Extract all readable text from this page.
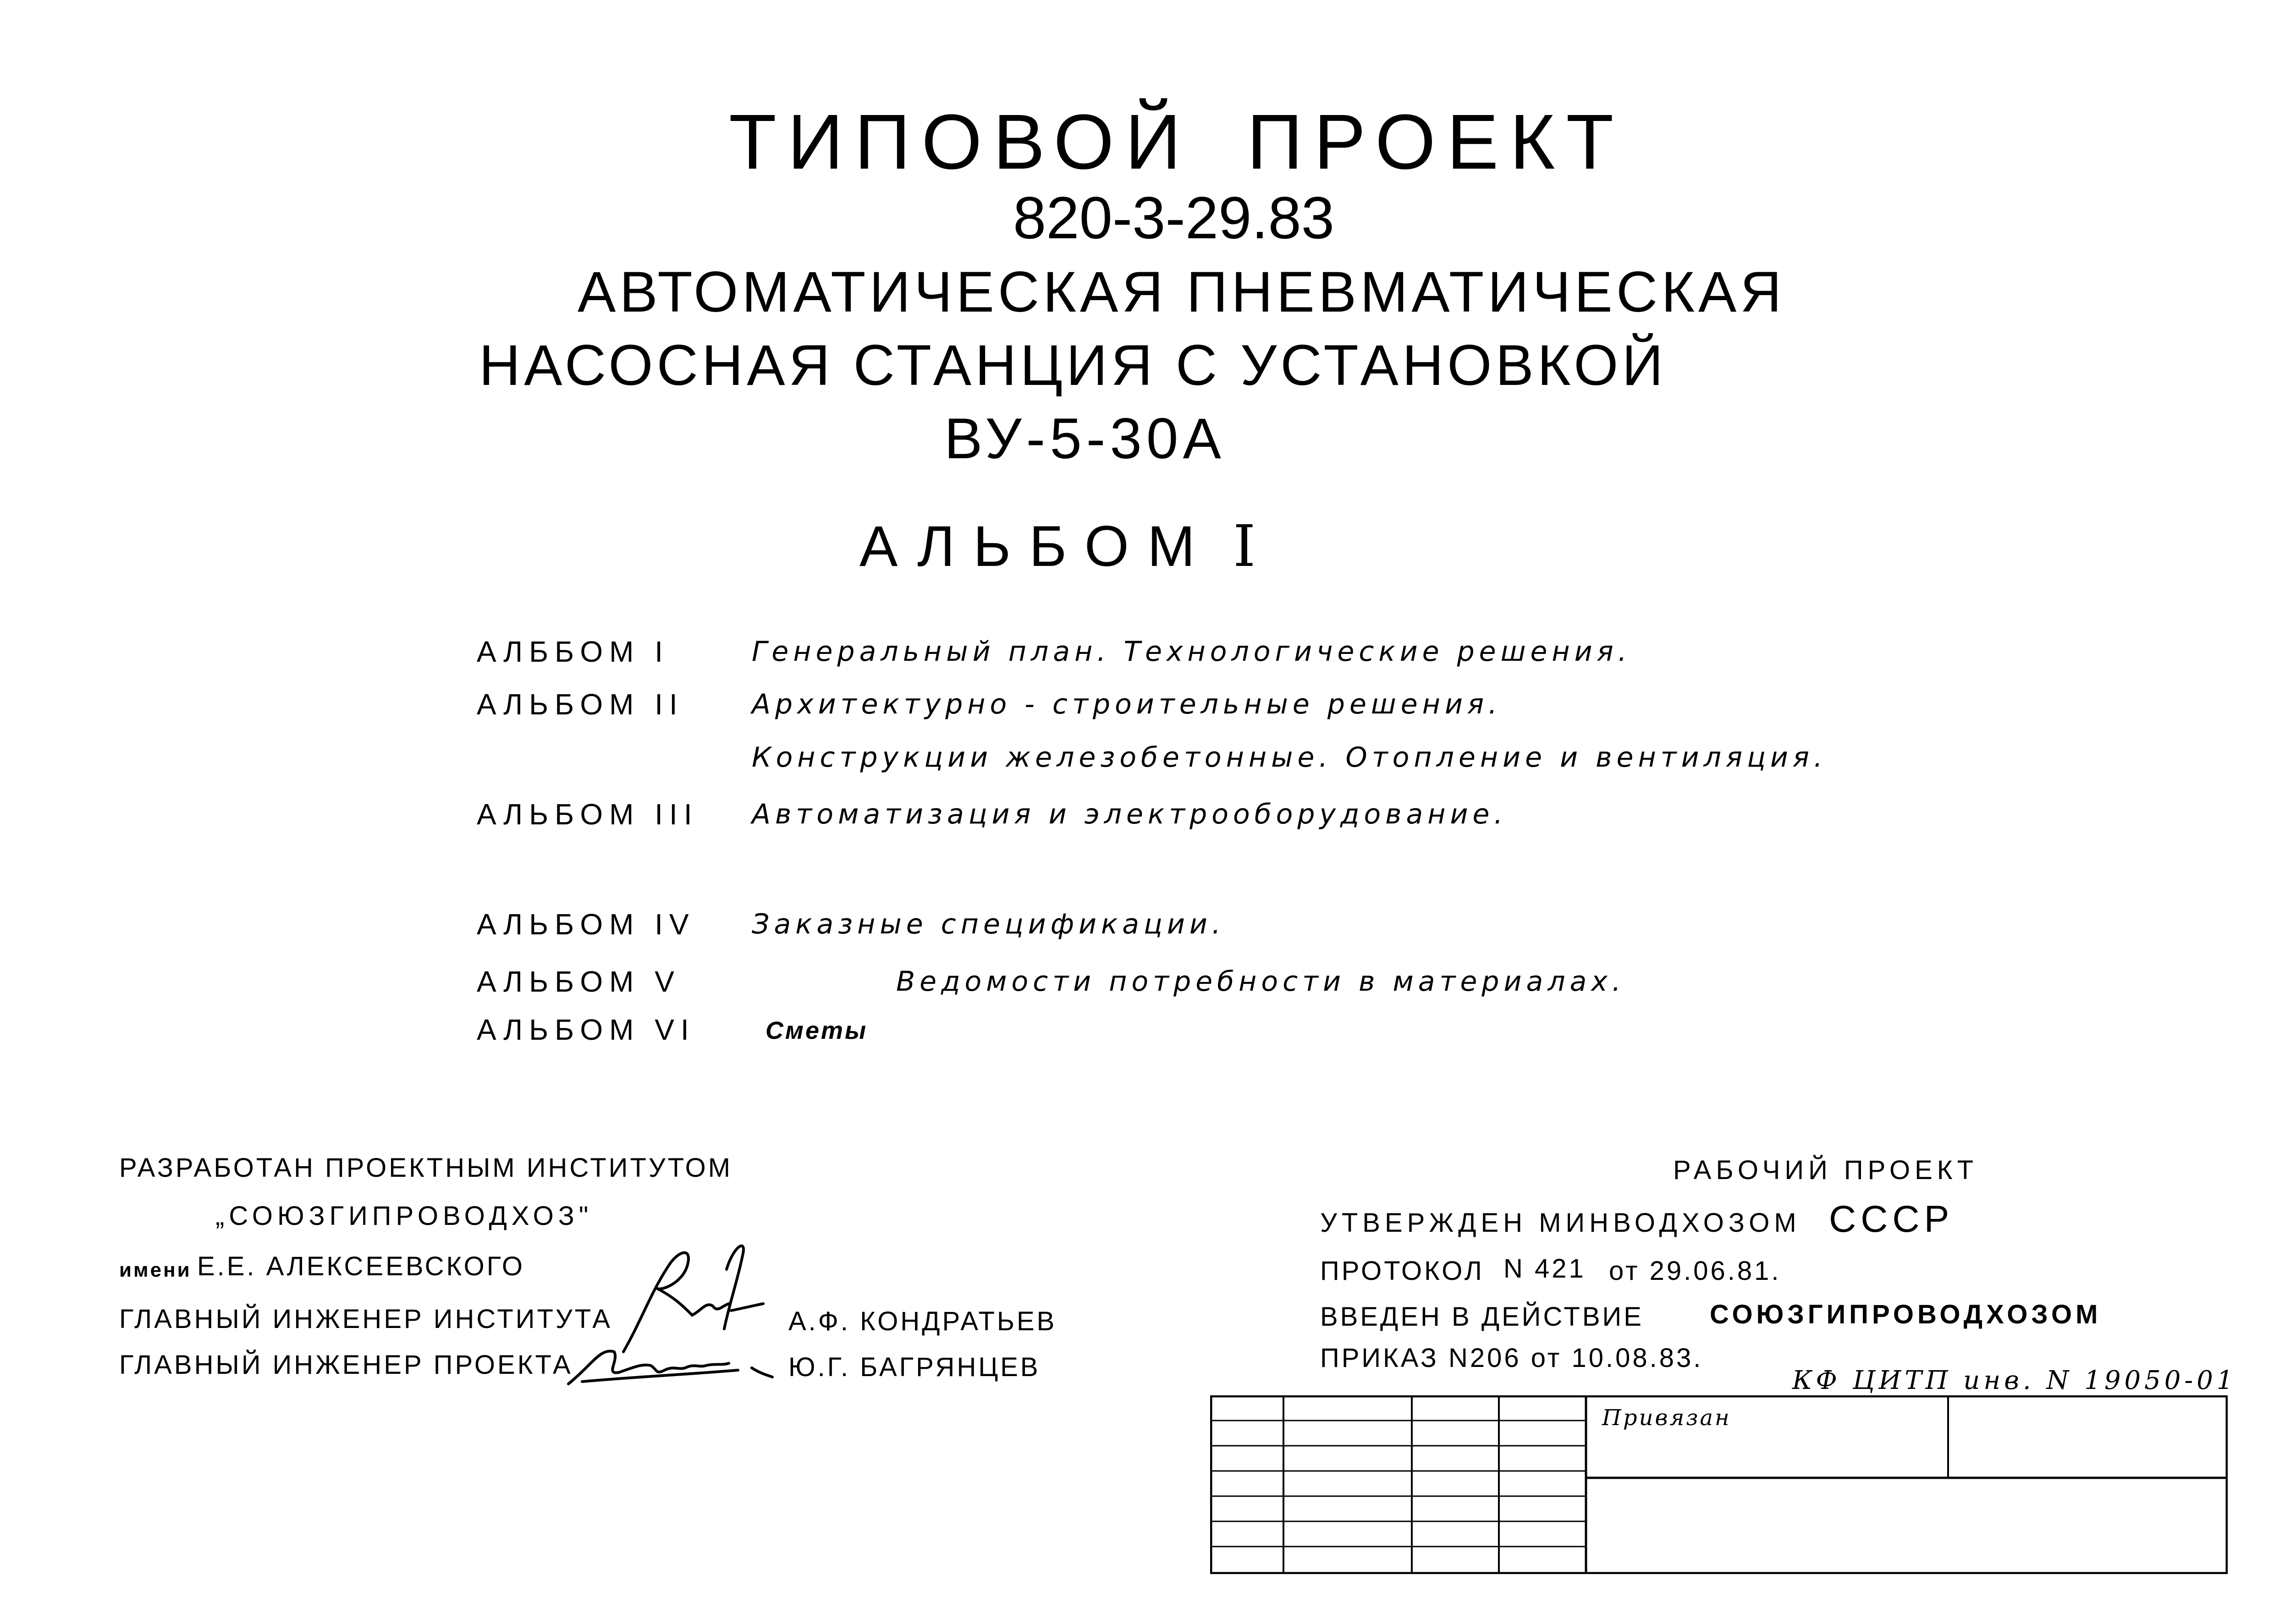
ТИПОВОЙ ПРОЕКТ
820-3-29.83
АВТОМАТИЧЕСКАЯ ПНЕВМАТИЧЕСКАЯ
НАСОСНАЯ СТАНЦИЯ С УСТАНОВКОЙ
ВУ-5-30А
АЛЬБОМ I
АЛББОМ I	Генеральный план. Технологические решения.
АЛЬБОМ II Архитектурно - строительные решения.
Конструкции железобетонные. Отопление и вентиляция.
АЛЬБОМ III Автоматизация и электрооборудование.
АЛЬБОМ IV Заказные спецификации.
АЛЬБОМ V	Ведомости потребности в материалах.
АЛЬБОМ VI	Сметы
РАЗРАБОТАН ПРОЕКТНЫМ ИНСТИТУТОМ
„СОЮЗГИПРОВОДХОЗ"
имени Е.Е. АЛЕКСЕЕВСКОГО
ГЛАВНЫЙ ИНЖЕНЕР ИНСТИТУТА	А.Ф. КОНДРАТЬЕВ
ГЛАВНЫЙ ИНЖЕНЕР ПРОЕКТА	Ю.Г. БАГРЯНЦЕВ
РАБОЧИЙ ПРОЕКТ
УТВЕРЖДЕН МИНВОДХОЗОМ СССР
ПРОТОКОЛ N 421 от 29.06.81.
ВВЕДЕН В ДЕЙСТВИЕ СОЮЗГИПРОВОДХОЗОМ
ПРИКАЗ N206 от 10.08.83.
КФ ЦИТП инв. N 19050-01
Привязан
